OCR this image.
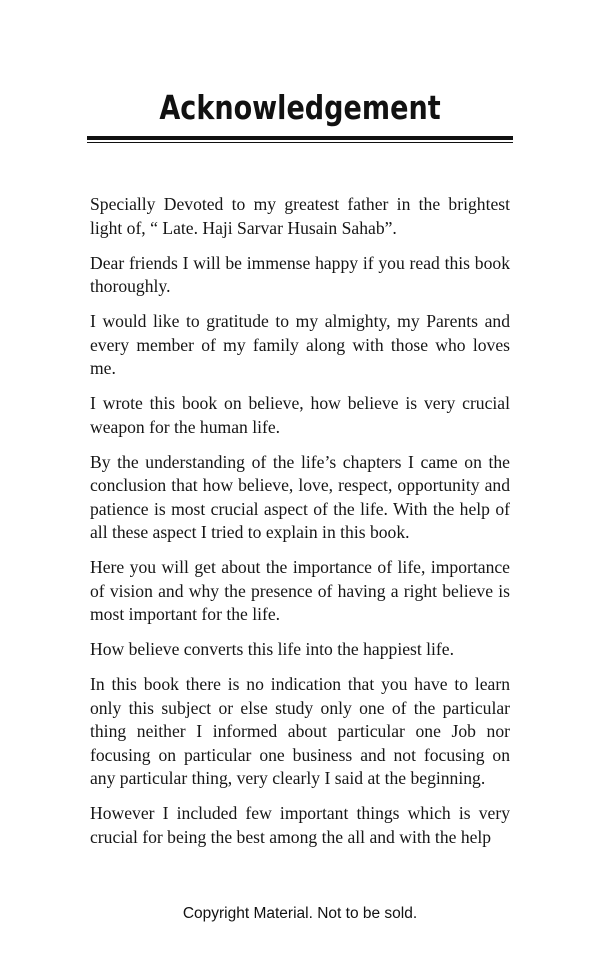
Acknowledgement

Specially Devoted to my greatest father in the brightest light of, “ Late. Haji Sarvar Husain Sahab”.

Dear friends I will be immense happy if you read this book thoroughly.

I would like to gratitude to my almighty, my Parents and every member of my family along with those who loves me.

I wrote this book on believe, how believe is very crucial weapon for the human life.

By the understanding of the life’s chapters I came on the conclusion that how believe, love, respect, opportunity and patience is most crucial aspect of the life. With the help of all these aspect I tried to explain in this book.

Here you will get about the importance of life, importance of vision and why the presence of having a right believe is most important for the life.

How believe converts this life into the happiest life.

In this book there is no indication that you have to learn only this subject or else study only one of the particular thing neither I informed about particular one Job nor focusing on particular one business and not focusing on any particular thing, very clearly I said at the beginning.

However I included few important things which is very crucial for being the best among the all and with the help

Copyright Material. Not to be sold.
